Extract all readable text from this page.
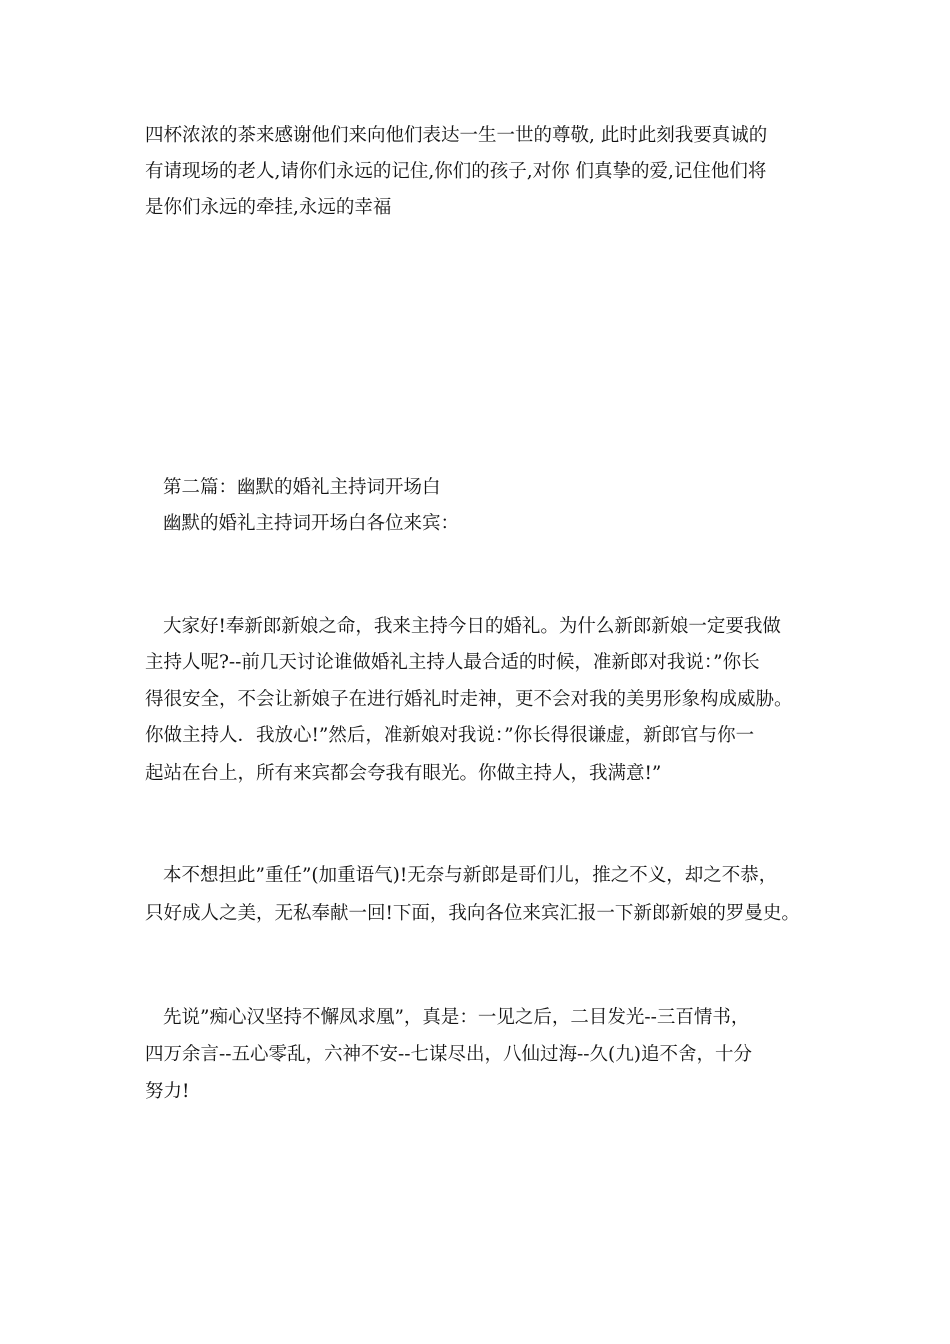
四杯浓浓的茶来感谢他们来向他们表达一生一世的尊敬, 此时此刻我要真诚的
有请现场的老人,请你们永远的记住,你们的孩子,对你 们真挚的爱,记住他们将
是你们永远的牵挂,永远的幸福
第二篇：幽默的婚礼主持词开场白
幽默的婚礼主持词开场白各位来宾：
大家好!奉新郎新娘之命，我来主持今日的婚礼。为什么新郎新娘一定要我做
主持人呢?--前几天讨论谁做婚礼主持人最合适的时候，准新郎对我说：”你长
得很安全，不会让新娘子在进行婚礼时走神，更不会对我的美男形象构成威胁。
你做主持人．我放心!”然后，准新娘对我说：”你长得很谦虚，新郎官与你一
起站在台上，所有来宾都会夸我有眼光。你做主持人，我满意!”
本不想担此”重任”(加重语气)!无奈与新郎是哥们儿，推之不义，却之不恭，
只好成人之美，无私奉献一回!下面，我向各位来宾汇报一下新郎新娘的罗曼史。
先说”痴心汉坚持不懈凤求凰”，真是：一见之后，二目发光--三百情书，
四万余言--五心零乱，六神不安--七谋尽出，八仙过海--久(九)追不舍，十分
努力!
